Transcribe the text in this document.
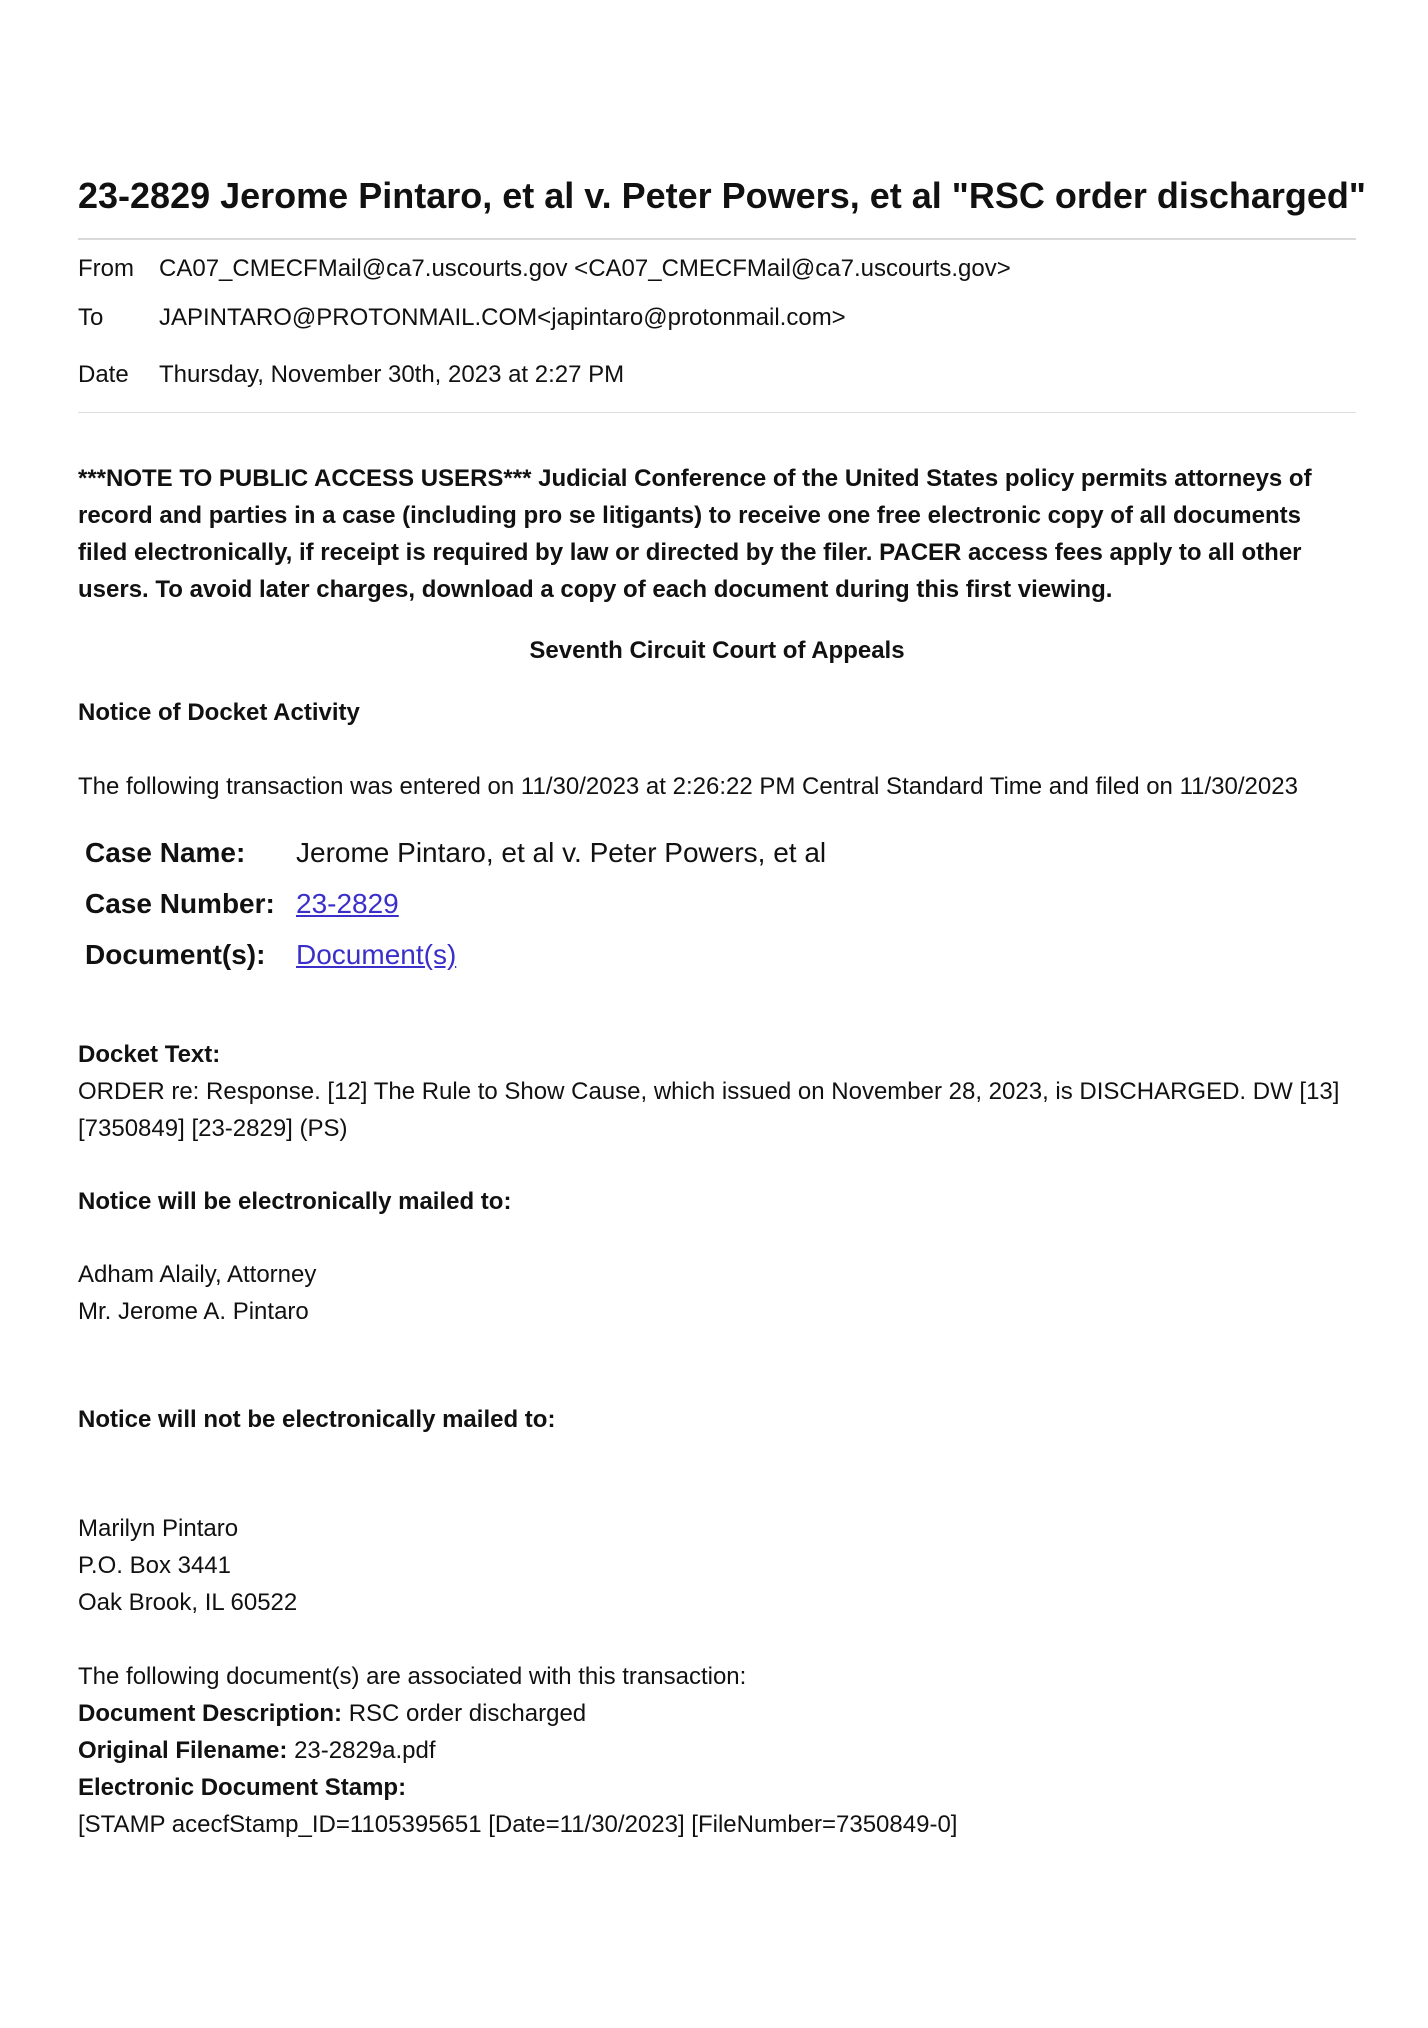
23-2829 Jerome Pintaro, et al v. Peter Powers, et al "RSC order discharged"
From	CA07_CMECFMail@ca7.uscourts.gov <CA07_CMECFMail@ca7.uscourts.gov>
To	JAPINTARO@PROTONMAIL.COM<japintaro@protonmail.com>
Date	Thursday, November 30th, 2023 at 2:27 PM
***NOTE TO PUBLIC ACCESS USERS*** Judicial Conference of the United States policy permits attorneys of record and parties in a case (including pro se litigants) to receive one free electronic copy of all documents filed electronically, if receipt is required by law or directed by the filer. PACER access fees apply to all other users. To avoid later charges, download a copy of each document during this first viewing.
Seventh Circuit Court of Appeals
Notice of Docket Activity
The following transaction was entered on 11/30/2023 at 2:26:22 PM Central Standard Time and filed on 11/30/2023
Case Name:	Jerome Pintaro, et al v. Peter Powers, et al
Case Number:	23-2829
Document(s):	Document(s)
Docket Text:
ORDER re: Response. [12] The Rule to Show Cause, which issued on November 28, 2023, is DISCHARGED. DW [13] [7350849] [23-2829] (PS)
Notice will be electronically mailed to:
Adham Alaily, Attorney
Mr. Jerome A. Pintaro
Notice will not be electronically mailed to:
Marilyn Pintaro
P.O. Box 3441
Oak Brook, IL 60522
The following document(s) are associated with this transaction:
Document Description: RSC order discharged
Original Filename: 23-2829a.pdf
Electronic Document Stamp:
[STAMP acecfStamp_ID=1105395651 [Date=11/30/2023] [FileNumber=7350849-0]
